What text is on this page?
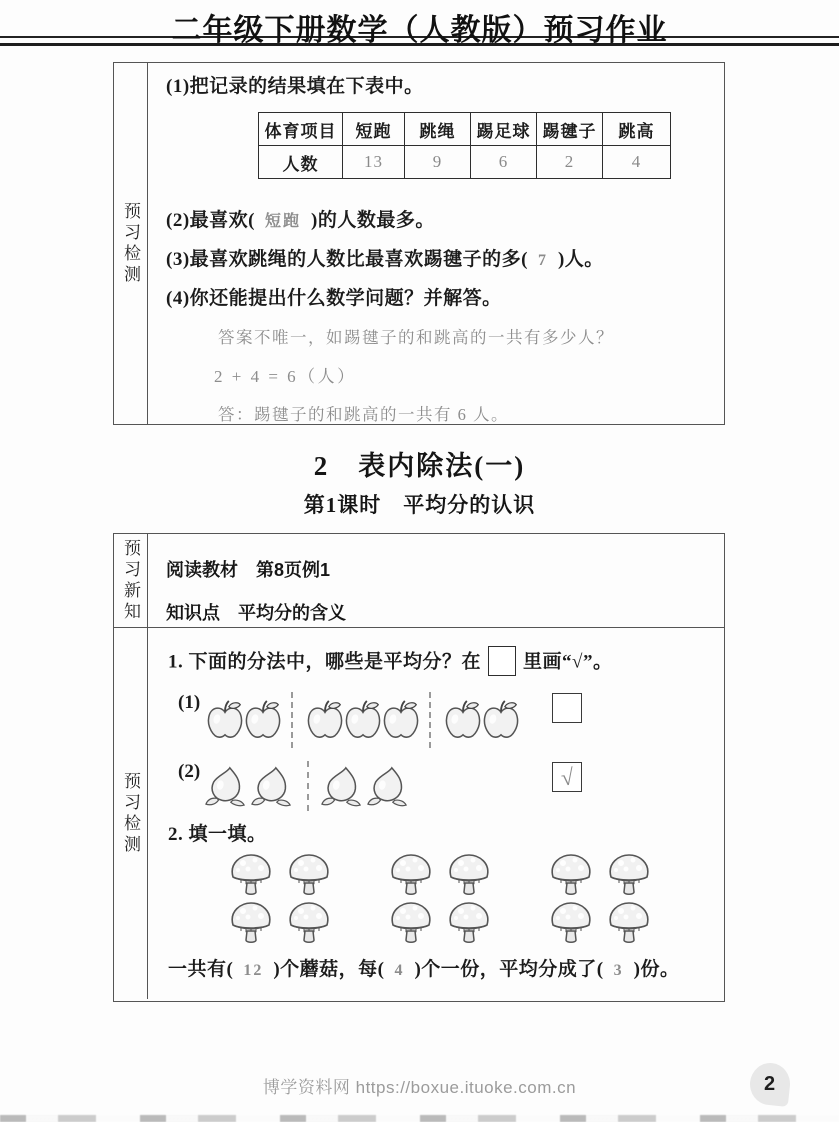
二年级下册数学（人教版）预习作业
预习检测

(1)把记录的结果填在下表中。

体育项目	短跑	跳绳	踢足球	踢毽子	跳高
人数	13	9	6	2	4

(2)最喜欢( 短跑 )的人数最多。

(3)最喜欢跳绳的人数比最喜欢踢毽子的多( 7 )人。

(4)你还能提出什么数学问题？并解答。

答案不唯一，如踢毽子的和跳高的一共有多少人？

2 + 4 = 6（人）

答：踢毽子的和跳高的一共有 6 人。

2　表内除法(一)
第1课时　平均分的认识
预习新知 阅读教材 第8页例1

知识点 平均分的含义

预习检测

1. 下面的分法中，哪些是平均分？在 里画“√”。

(1)
(2)	√

2. 填一填。

一共有( 12 )个蘑菇，每( 4 )个一份，平均分成了( 3 )份。

博学资料网 https://boxue.ituoke.com.cn	2
